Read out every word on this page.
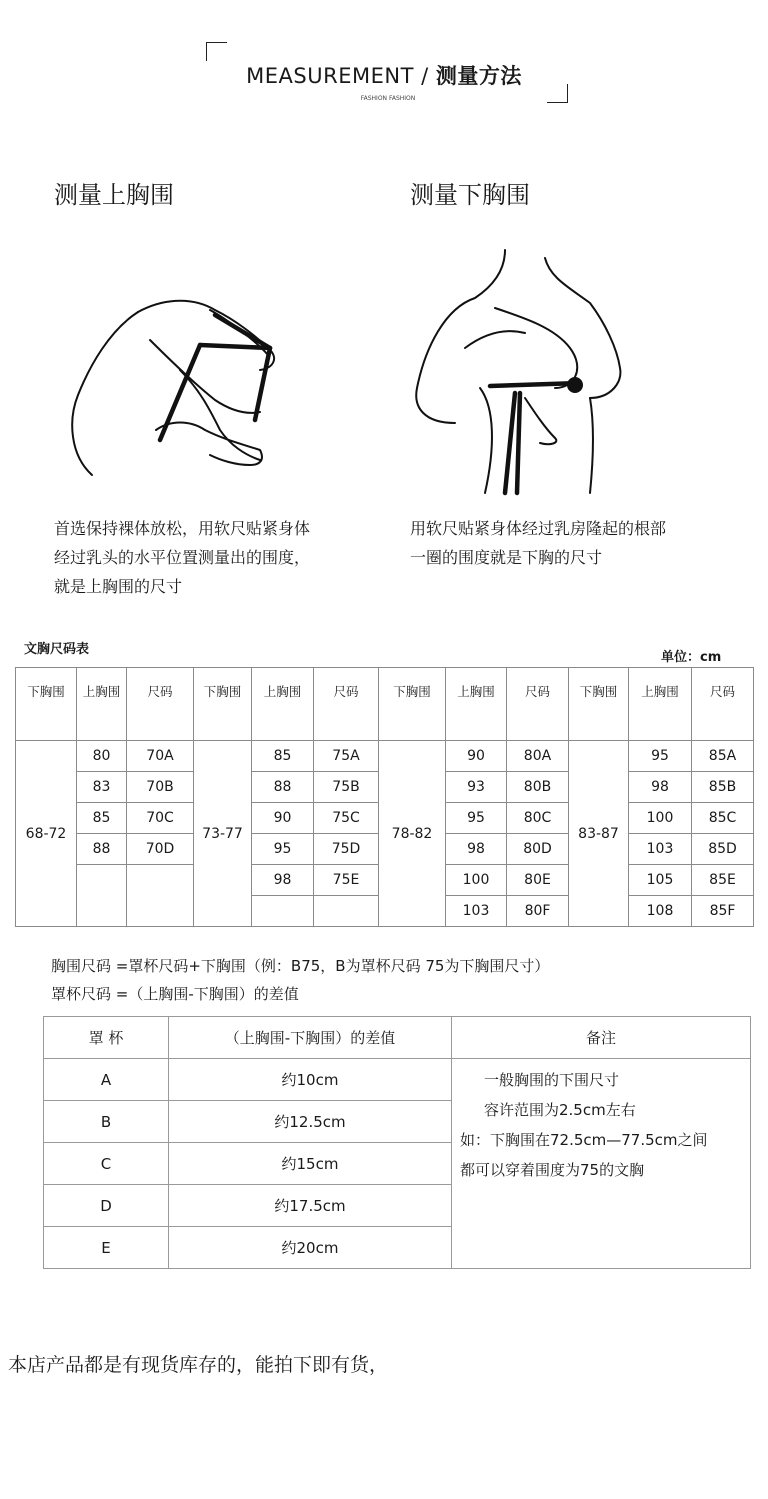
MEASUREMENT / 测量方法
FASHION FASHION
测量上胸围	测量下胸围
首选保持裸体放松，用软尺贴紧身体
经过乳头的水平位置测量出的围度，
就是上胸围的尺寸
用软尺贴紧身体经过乳房隆起的根部
一圈的围度就是下胸的尺寸
文胸尺码表
单位：cm
下胸围	上胸围	尺码	下胸围	上胸围	尺码	下胸围	上胸围	尺码	下胸围	上胸围	尺码
68-72	80	70A	73-77	85	75A	78-82	90	80A	83-87	95	85A
	83	70B		88	75B		93	80B		98	85B
	85	70C		90	75C		95	80C		100	85C
	88	70D		95	75D		98	80D		103	85D
				98	75E		100	80E		105	85E
							103	80F		108	85F
胸围尺码 =罩杯尺码+下胸围（例：B75，B为罩杯尺码 75为下胸围尺寸）
罩杯尺码 =（上胸围-下胸围）的差值
罩 杯	（上胸围-下胸围）的差值	备注
A	约10cm	一般胸围的下围尺寸
容许范围为2.5cm左右
如：下胸围在72.5cm—77.5cm之间
都可以穿着围度为75的文胸

B	约12.5cm	
C	约15cm	
D	约17.5cm	
E	约20cm	
本店产品都是有现货库存的，能拍下即有货，
